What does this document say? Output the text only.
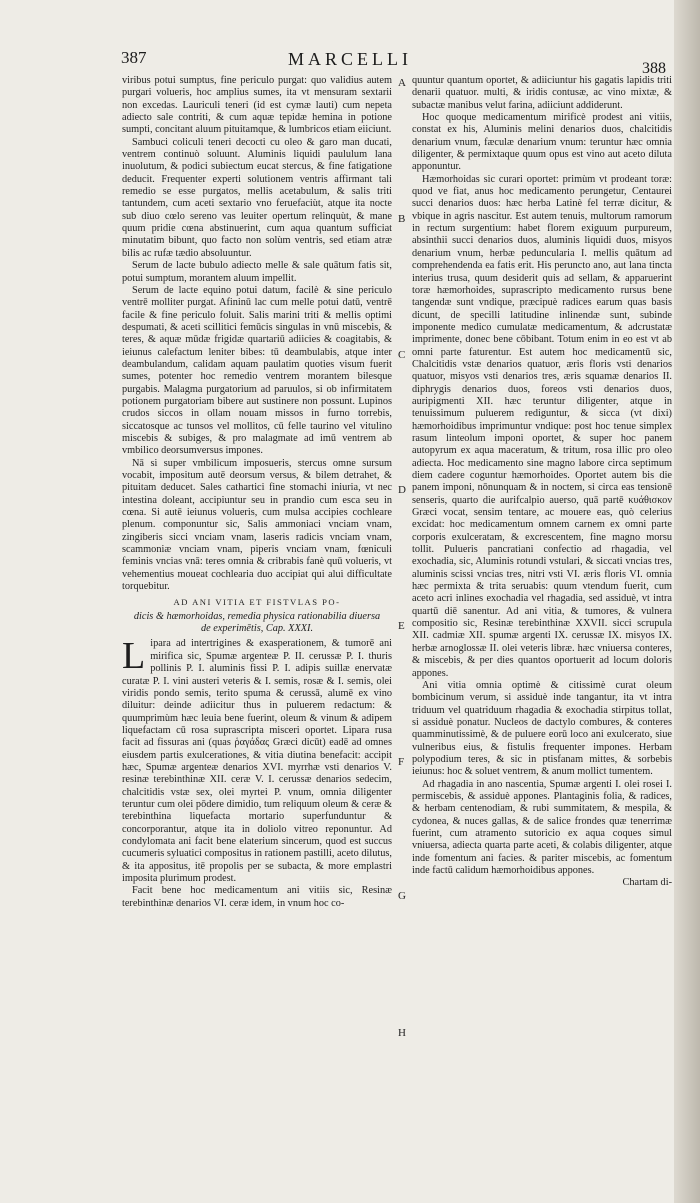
387	MARCELLI	388
A
B
C
D
E
F
G
H

viribus potui sumptus, fine periculo purgat: quo validius autem purgari volueris, hoc amplius sumes, ita vt mensuram sextarii non excedas. Lauriculi teneri (id est cymæ lauti) cum nepeta adiecto sale contriti, & cum aquæ tepidæ hemina in potione sumpti, concitant aluum pituitamque, & lumbricos etiam eiiciunt.

Sambuci coliculi teneri decocti cu oleo & garo man ducati, ventrem continuò soluunt. Aluminis liquidi paululum lana inuolutum, & podici subiectum eucat stercus, & fine fatigatione deducit. Frequenter experti solutionem ventris affirmant tali remedio se esse purgatos, mellis acetabulum, & salis triti tantundem, cum aceti sextario vno feruefaciùt, atque ita nocte sub diuo cœlo sereno vas leuiter opertum relinquùt, & mane quum pridie cœna abstinuerint, cum aqua quantum sufficiat minutatim bibunt, quo facto non solùm ventris, sed etiam atræ bilis ac rufæ tædio absoluuntur.

Serum de lacte bubulo adiecto melle & sale quātum fatis sit, potui sumptum, morantem aluum impellit.

Serum de lacte equino potui datum, facilè & sine periculo ventrē molliter purgat. Afininū lac cum melle potui datū, ventrē facile & fine periculo foluit. Salis marini triti & mellis optimi despumati, & aceti scillitici femūcis singulas in vnū miscebis, & teres, & aquæ mūdæ frigidæ quartariū adiicies & coagitabis, & ieiunus calefactum leniter bibes: tū deambulabis, atque inter deambulandum, calidam aquam paulatim quoties visum fuerit sumes, potenter hoc remedio ventrem morantem bilesque purgabis. Malagma purgatorium ad paruulos, si ob infirmitatem potionem purgatoriam bibere aut sustinere non possunt. Lupinos crudos siccos in ollam nouam missos in furno torrebis, siccatosque ac tunsos vel mollitos, cū felle taurino vel vitulino miscebis & subiges, & pro malagmate ad imū ventrem ab vmbilico deorsumversus impones.

Nā si super vmbilicum imposueris, stercus omne sursum vocabit, impositum autē deorsum versus, & bilem detrahet, & pituitam deducet. Sales cathartici fine stomachi iniuria, vt nec intestina doleant, accipiuntur seu in prandio cum esca seu in cœna. Si autē ieiunus volueris, cum mulsa accipies cochleare plenum. componuntur sic, Salis ammoniaci vnciam vnam, zingiberis sicci vnciam vnam, laseris radicis vnciam vnam, scammoniæ vnciam vnam, piperis vnciam vnam, fœniculi feminis vncias vnā: teres omnia & cribrabis fanè quū volueris, vt vehementius moueat cochlearia duo accipiat qui alui difficultate torquebitur.

AD ANI VITIA ET FISTVLAS PO-

dicis & hæmorhoidas, remedia physica rationabilia diuersa de experimētis, Cap. XXXI.

Lipara ad intertrigines & exasperationem, & tumorē ani mirifica sic, Spumæ argenteæ P. II. cerussæ P. I. thuris pollinis P. I. aluminis fissi P. I. adipis suillæ enervatæ curatæ P. I. vini austeri veteris & I. semis, rosæ & I. semis, olei viridis pondo semis, terito spuma & cerussā, alumē ex vino diluitur: deinde adiicitur thus in puluerem redactum: & quumprimùm hæc leuia bene fuerint, oleum & vinum & adipem liquefactam cū rosa suprascripta misceri oportet. Lipara rusa facit ad fissuras ani (quas ῥαγάδας Græci dicūt) eadē ad omnes eiusdem partis exulcerationes, & vitia diutina benefacit: accipit hæc, Spumæ argenteæ denarios XVI. myrrhæ vsti denarios V. resinæ terebinthinæ XII. ceræ V. I. cerussæ denarios sedecim, chalcitidis vstæ sex, olei myrtei P. vnum, omnia diligenter teruntur cum olei pōdere dimidio, tum reliquum oleum & ceræ & terebinthina liquefacta mortario superfunduntur & concorporantur, atque ita in doliolo vitreo reponuntur. Ad condylomata ani facit bene elaterium sincerum, quod est succus cucumeris syluatici compositus in rationem pastilli, aceto dilutus, & ita appositus, itē propolis per se subacta, & more emplastri imposita plurimum prodest.

Facit bene hoc medicamentum ani vitiis sic, Resinæ terebinthinæ denarios VI. ceræ idem, in vnum hoc co-

quuntur quantum oportet, & adiiciuntur his gagatis lapidis triti denarii quatuor. multi, & iridis contusæ, ac vino mixtæ, & subactæ manibus velut farina, adiiciunt addiderunt.

Hoc quoque medicamentum mirificè prodest ani vitiis, constat ex his, Aluminis melini denarios duos, chalcitidis denarium vnum, fæculæ denarium vnum: teruntur hæc omnia diligenter, & permixtaque quum opus est vino aut aceto diluta apponuntur.

Hæmorhoidas sic curari oportet: primùm vt prodeant toræ: quod ve fiat, anus hoc medicamento perungetur, Centaurei succi denarios duos: hæc herba Latinè fel terræ dicitur, & vbique in agris nascitur. Est autem tenuis, multorum ramorum in rectum surgentium: habet florem exiguum purpureum, absinthii succi denarios duos, aluminis liquidi duos, misyos denarium vnum, herbæ peduncularia I. mellis quātum ad comprehendenda ea fatis erit. His peruncto ano, aut lana tincta interius trusa, quum desiderit quis ad sellam, & apparuerint toræ hæmorhoides, suprascripto medicamento rursus bene tangendæ sunt vndique, præcipuè radices earum quas basis dicunt, de specilli latitudine inlinendæ sunt, subinde imponente medico cumulatæ medicamentum, & adcrustatæ imprimente, donec bene cōbibant. Totum enim in eo est vt ab omni parte faturentur. Est autem hoc medicamentū sic, Chalcitidis vstæ denarios quatuor, æris floris vsti denarios quatuor, misyos vsti denarios tres, æris squamæ denarios II. diphrygis denarios duos, foreos vsti denarios duos, auripigmenti XII. hæc teruntur diligenter, atque in tenuissimum puluerem rediguntur, & sicca (vt dixi) hæmorhoidibus imprimuntur vndique: post hoc tenue simplex rasum linteolum imponi oportet, & super hoc panem autopyrum ex aqua maceratum, & tritum, rosa illic pro oleo adiecta. Hoc medicamento sine magno labore circa septimum diem cadere coguntur hæmorhoides. Oportet autem bis die panem imponi, nōnunquam & in noctem, si circa eas tensionē senseris, quarto die aurifcalpio auerso, quā partē κυάθισκον Græci vocat, sensim tentare, ac mouere eas, quò celerius excidat: hoc medicamentum omnem carnem ex omni parte corporis exulceratam, & excrescentem, fine magno morsu tollit. Pulueris pancratiani confectio ad rhagadia, vel exochadia, sic, Aluminis rotundi vstulari, & siccati vncias tres, aluminis scissi vncias tres, nitri vsti VI. æris floris VI. omnia hæc permixta & trita seruabis: quum vtendum fuerit, cum aceto acri inlines exochadia vel rhagadia, sed assiduè, vt intra quartū diē sanentur. Ad ani vitia, & tumores, & vulnera compositio sic, Resinæ terebinthinæ XXVII. sicci scrupula XII. cadmiæ XII. spumæ argenti IX. cerussæ IX. misyos IX. herbæ arnoglossæ II. olei veteris libræ. hæc vniuersa conteres, & miscebis, & per dies quantos oportuerit ad locum doloris appones.

Ani vitia omnia optimè & citissimè curat oleum bombicinum verum, si assiduè inde tangantur, ita vt intra triduum vel quatriduum rhagadia & exochadia stirpitus tollat, si assiduè ponatur. Nucleos de dactylo combures, & conteres quamminutissimè, & de puluere eorū loco ani exulcerato, siue vulneribus eius, & fistulis frequenter impones. Herbam polypodium teres, & sic in ptisfanam mittes, & sorbebis ieiunus: hoc & soluet ventrem, & anum mollict tumentem.

Ad rhagadia in ano nascentia, Spumæ argenti I. olei rosei I. permiscebis, & assiduè appones. Plantaginis folia, & radices, & herbam centenodiam, & rubi summitatem, & mespila, & cydonea, & nuces gallas, & de salice frondes quæ tenerrimæ fuerint, cum atramento sutoricio ex aqua coques simul vniuersa, adiecta quarta parte aceti, & colabis diligenter, atque inde fomentum ani facies. & pariter miscebis, ac fomentum inde factū calidum hæmorhoidibus appones.

Chartam di-
